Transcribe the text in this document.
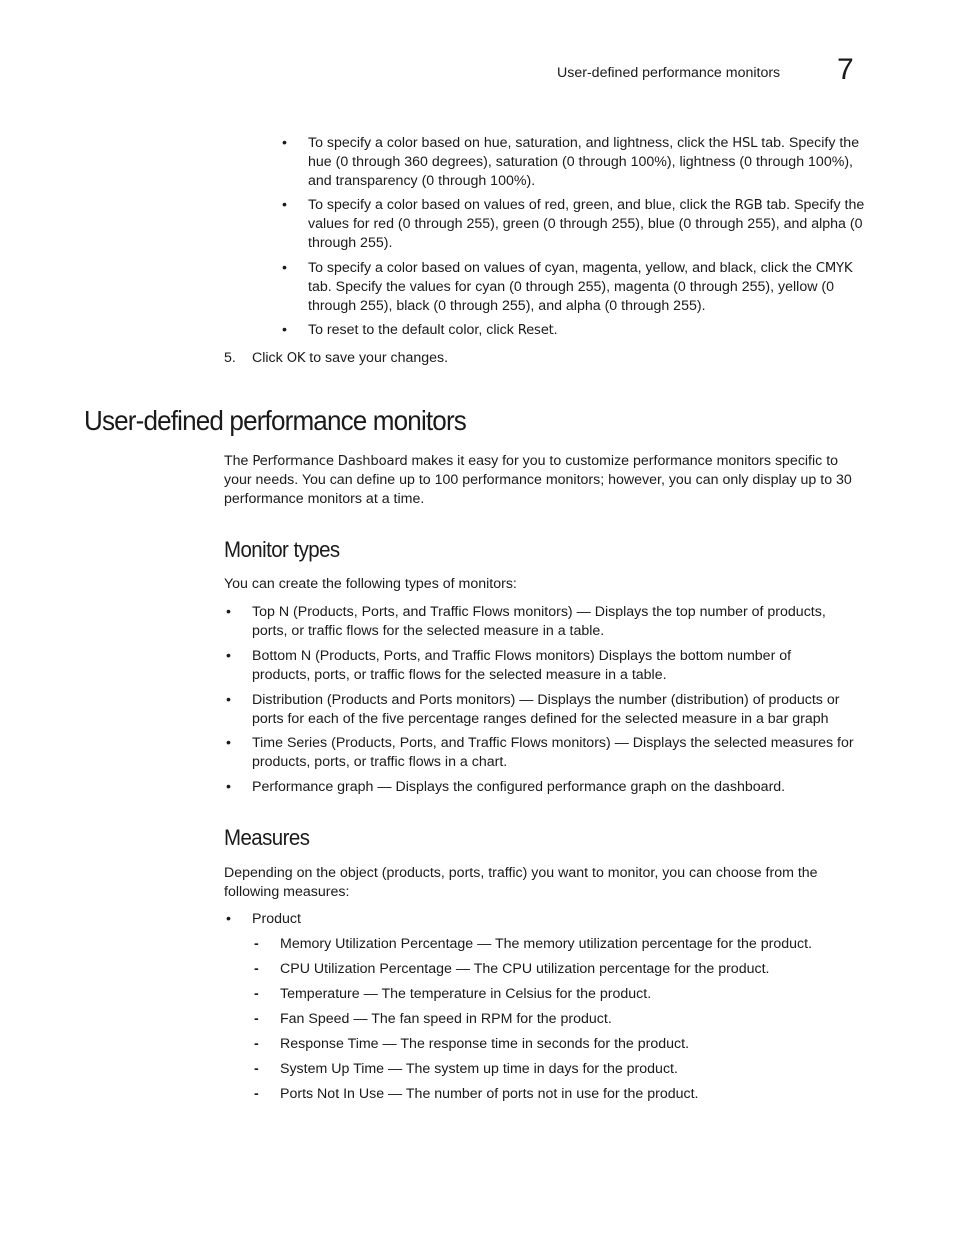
User-defined performance monitors 7
• To specify a color based on hue, saturation, and lightness, click the HSL tab. Specify the hue (0 through 360 degrees), saturation (0 through 100%), lightness (0 through 100%), and transparency (0 through 100%).
• To specify a color based on values of red, green, and blue, click the RGB tab. Specify the values for red (0 through 255), green (0 through 255), blue (0 through 255), and alpha (0 through 255).
• To specify a color based on values of cyan, magenta, yellow, and black, click the CMYK tab. Specify the values for cyan (0 through 255), magenta (0 through 255), yellow (0 through 255), black (0 through 255), and alpha (0 through 255).
• To reset to the default color, click Reset.
5. Click OK to save your changes.
User-defined performance monitors
The Performance Dashboard makes it easy for you to customize performance monitors specific to your needs. You can define up to 100 performance monitors; however, you can only display up to 30 performance monitors at a time.
Monitor types
You can create the following types of monitors:
• Top N (Products, Ports, and Traffic Flows monitors) — Displays the top number of products, ports, or traffic flows for the selected measure in a table.
• Bottom N (Products, Ports, and Traffic Flows monitors) Displays the bottom number of products, ports, or traffic flows for the selected measure in a table.
• Distribution (Products and Ports monitors) — Displays the number (distribution) of products or ports for each of the five percentage ranges defined for the selected measure in a bar graph
• Time Series (Products, Ports, and Traffic Flows monitors) — Displays the selected measures for products, ports, or traffic flows in a chart.
• Performance graph — Displays the configured performance graph on the dashboard.
Measures
Depending on the object (products, ports, traffic) you want to monitor, you can choose from the following measures:
• Product
- Memory Utilization Percentage — The memory utilization percentage for the product.
- CPU Utilization Percentage — The CPU utilization percentage for the product.
- Temperature — The temperature in Celsius for the product.
- Fan Speed — The fan speed in RPM for the product.
- Response Time — The response time in seconds for the product.
- System Up Time — The system up time in days for the product.
- Ports Not In Use — The number of ports not in use for the product.
